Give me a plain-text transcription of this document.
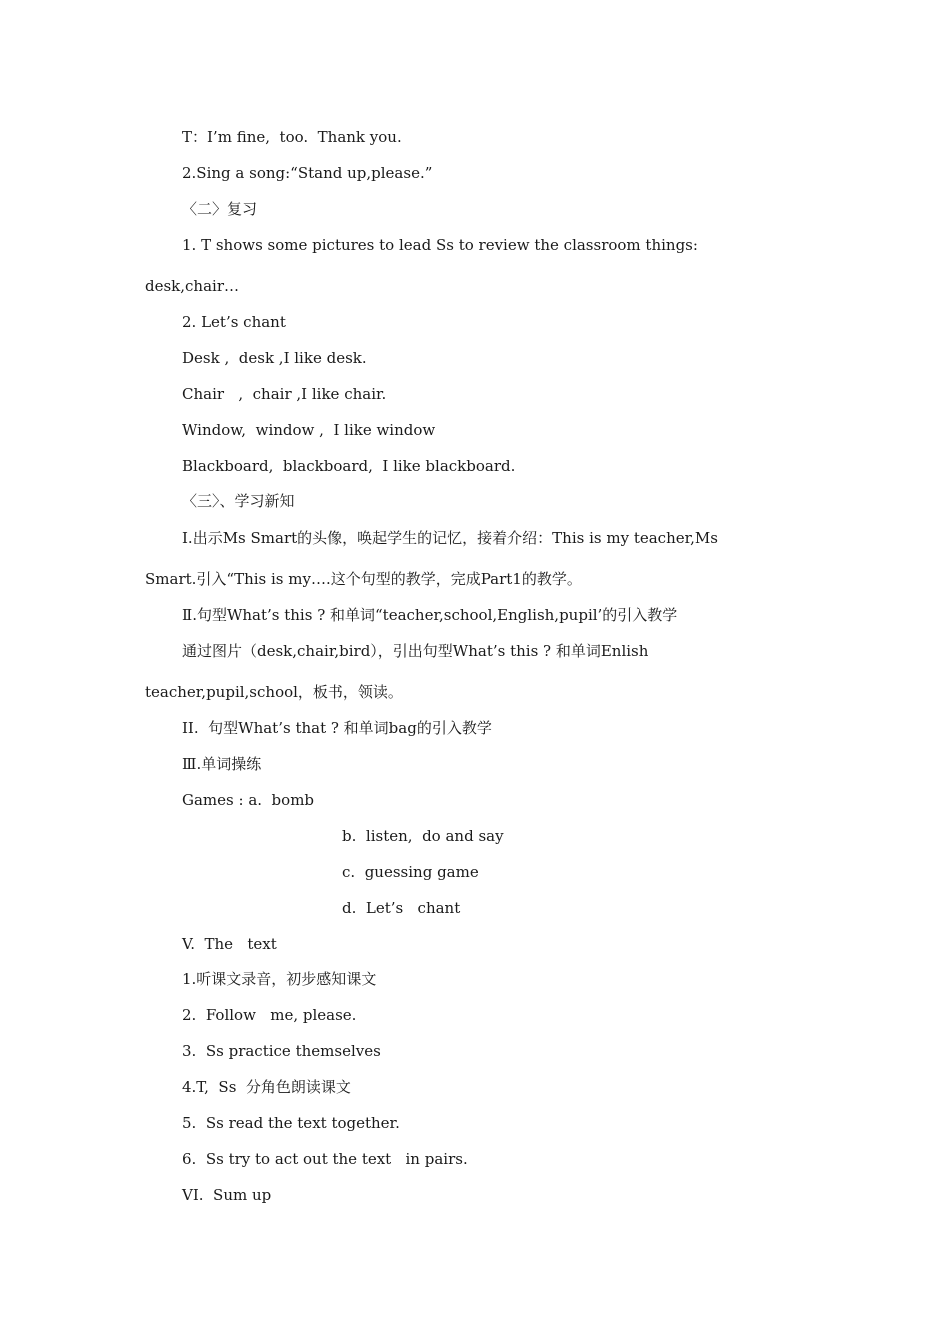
T：I’m fine,  too.  Thank you.

2.Sing a song:“Stand up,please.”

〈二〉复习

1. T shows some pictures to lead Ss to review the classroom things:

desk,chair…

2. Let’s chant

Desk ,  desk ,I like desk.

Chair   ,  chair ,I like chair.

Window,  window ,  I like window

Blackboard,  blackboard,  I like blackboard.

〈三〉、学习新知

Ⅰ.出示Ms Smart的头像，唤起学生的记忆，接着介绍：This is my teacher,Ms

Smart.引入“This is my….这个句型的教学，完成Part1的教学。

Ⅱ.句型What’s this ? 和单词“teacher,school,English,pupil’的引入教学

通过图片（desk,chair,bird），引出句型What’s this ? 和单词Enlish

teacher,pupil,school，板书，领读。

II.  句型What’s that ? 和单词bag的引入教学

Ⅲ.单词操练

Games : a.  bomb

b.  listen,  do and say

c.  guessing game

d.  Let’s   chant

V.  The   text

1.听课文录音，初步感知课文

2.  Follow   me, please.

3.  Ss practice themselves

4.T,  Ss  分角色朗读课文

5.  Ss read the text together.

6.  Ss try to act out the text   in pairs.

VI.  Sum up
